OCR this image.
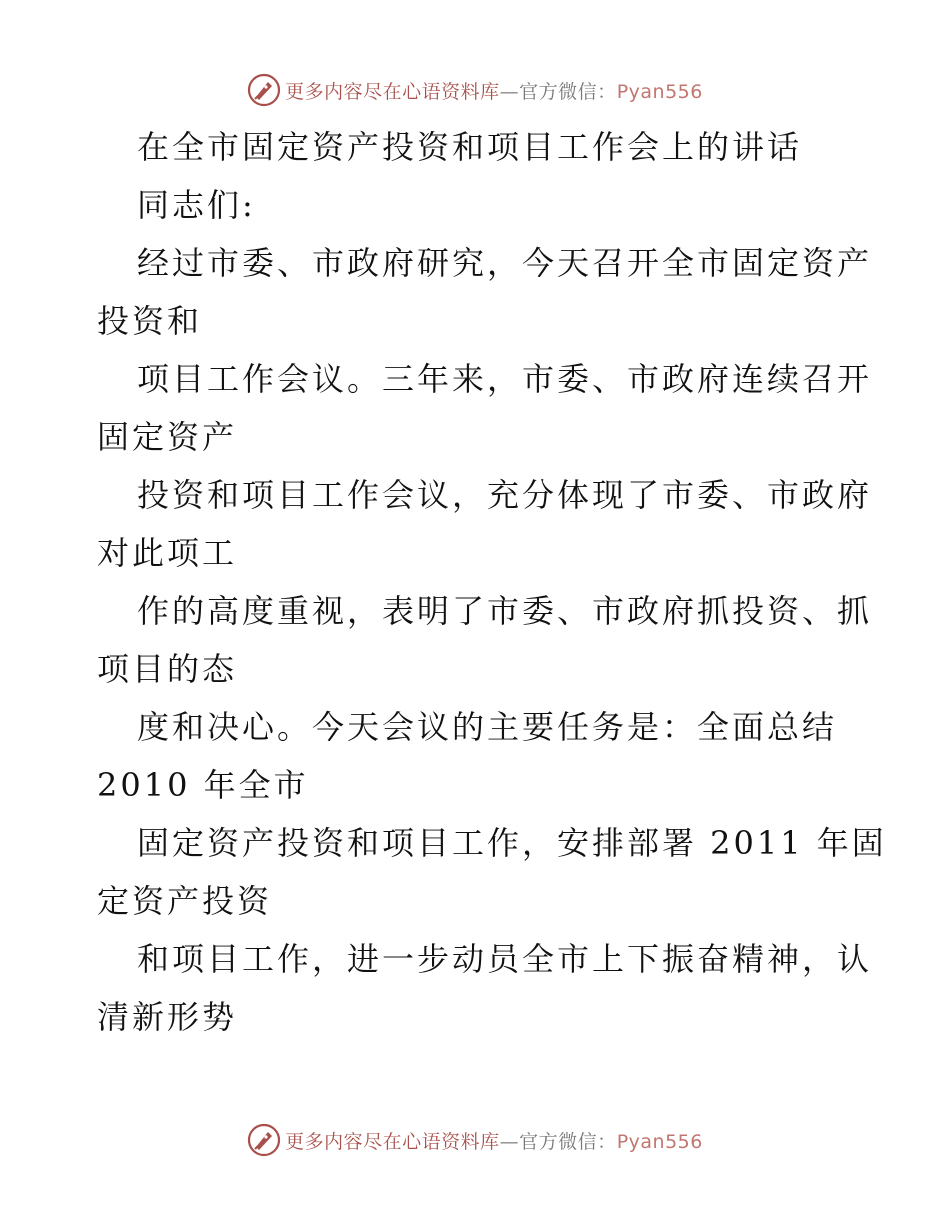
更多内容尽在心语资料库—官方微信：Pyan556
在全市固定资产投资和项目工作会上的讲话
同志们:
经过市委、市政府研究，今天召开全市固定资产
投资和
项目工作会议。三年来，市委、市政府连续召开
固定资产
投资和项目工作会议，充分体现了市委、市政府
对此项工
作的高度重视，表明了市委、市政府抓投资、抓
项目的态
度和决心。今天会议的主要任务是：全面总结
2010 年全市
固定资产投资和项目工作，安排部署 2011 年固
定资产投资
和项目工作，进一步动员全市上下振奋精神，认
清新形势
更多内容尽在心语资料库—官方微信：Pyan556
